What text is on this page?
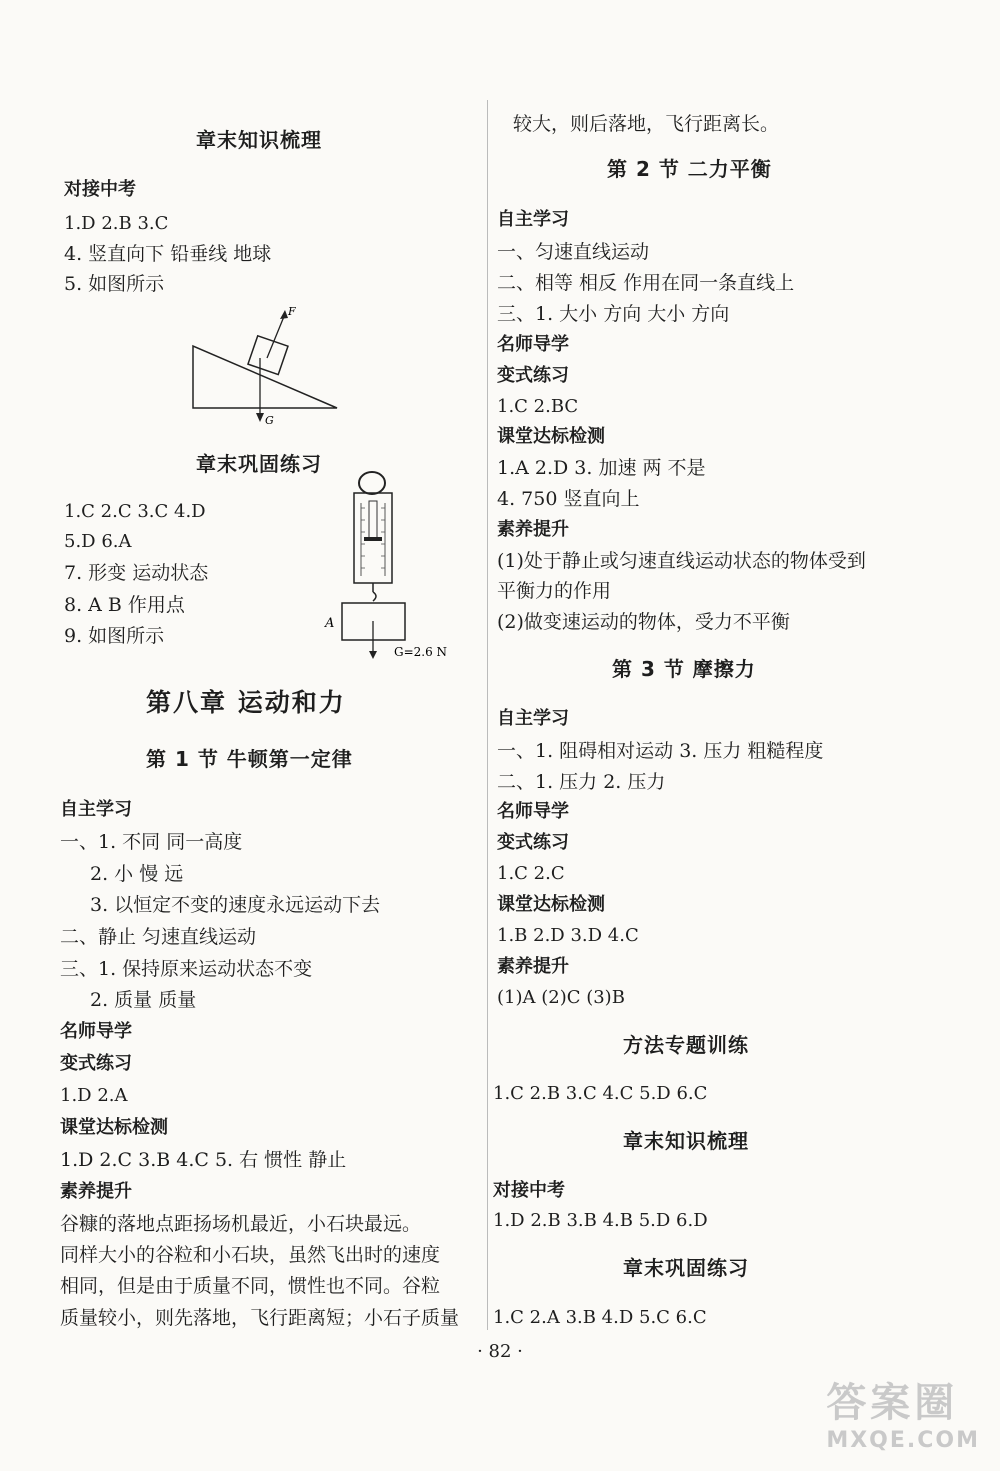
章末知识梳理
对接中考
1.D 2.B 3.C
4. 竖直向下 铅垂线 地球
5. 如图所示
F
G
章末巩固练习
A
G=2.6 N
1.C 2.C 3.C 4.D
5.D 6.A
7. 形变 运动状态
8. A B 作用点
9. 如图所示
第八章 运动和力
第 1 节 牛顿第一定律
自主学习
一、1. 不同 同一高度
2. 小 慢 远
3. 以恒定不变的速度永远运动下去
二、静止 匀速直线运动
三、1. 保持原来运动状态不变
2. 质量 质量
名师导学
变式练习
1.D 2.A
课堂达标检测
1.D 2.C 3.B 4.C 5. 右 惯性 静止
素养提升
谷糠的落地点距扬场机最近，小石块最远。
同样大小的谷粒和小石块，虽然飞出时的速度
相同，但是由于质量不同，惯性也不同。谷粒
质量较小，则先落地，飞行距离短；小石子质量
较大，则后落地，飞行距离长。
第 2 节 二力平衡
自主学习
一、匀速直线运动
二、相等 相反 作用在同一条直线上
三、1. 大小 方向 大小 方向
名师导学
变式练习
1.C 2.BC
课堂达标检测
1.A 2.D 3. 加速 两 不是
4. 750 竖直向上
素养提升
(1)处于静止或匀速直线运动状态的物体受到
平衡力的作用
(2)做变速运动的物体，受力不平衡
第 3 节 摩擦力
自主学习
一、1. 阻碍相对运动 3. 压力 粗糙程度
二、1. 压力 2. 压力
名师导学
变式练习
1.C 2.C
课堂达标检测
1.B 2.D 3.D 4.C
素养提升
(1)A (2)C (3)B
方法专题训练
1.C 2.B 3.C 4.C 5.D 6.C
章末知识梳理
对接中考
1.D 2.B 3.B 4.B 5.D 6.D
章末巩固练习
1.C 2.A 3.B 4.D 5.C 6.C
· 82 ·
答案圈
MXQE.COM
